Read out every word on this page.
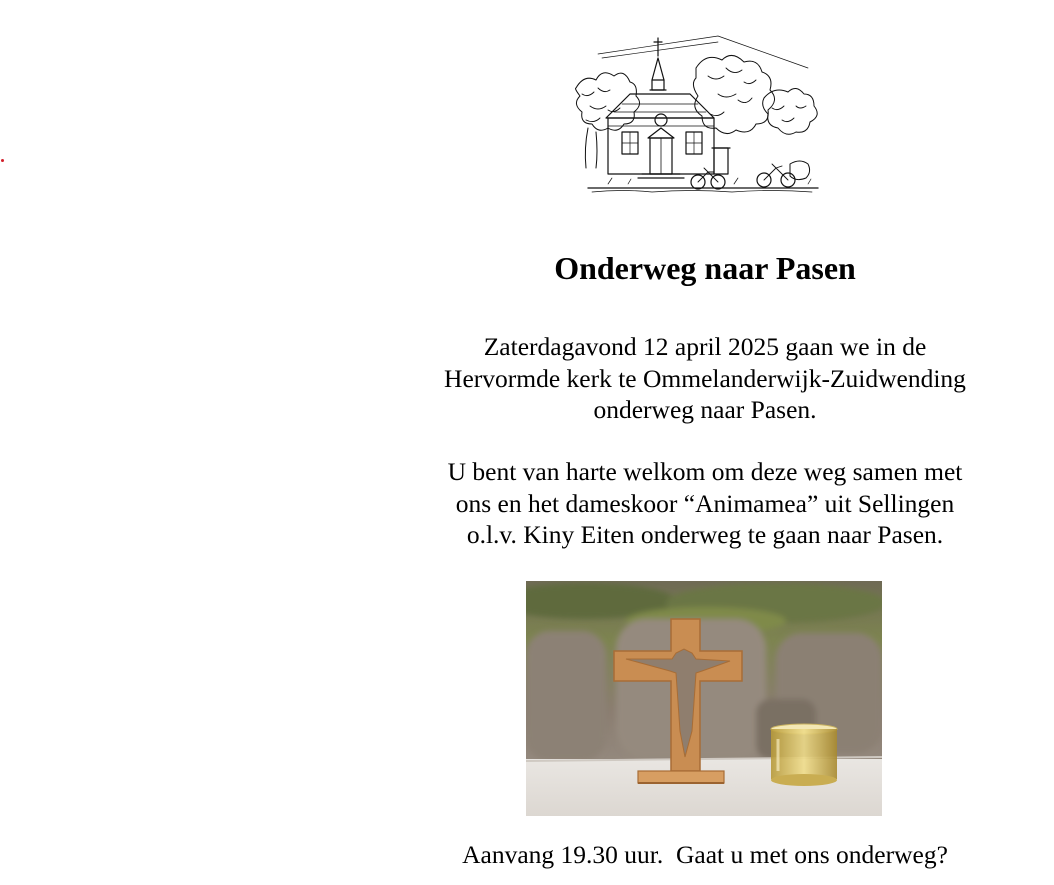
Onderweg naar Pasen
Zaterdagavond 12 april 2025 gaan we in de
Hervormde kerk te Ommelanderwijk-Zuidwending
onderweg naar Pasen.
U bent van harte welkom om deze weg samen met
ons en het dameskoor “Animamea” uit Sellingen
o.l.v. Kiny Eiten onderweg te gaan naar Pasen.

Aanvang 19.30 uur.  Gaat u met ons onderweg?
